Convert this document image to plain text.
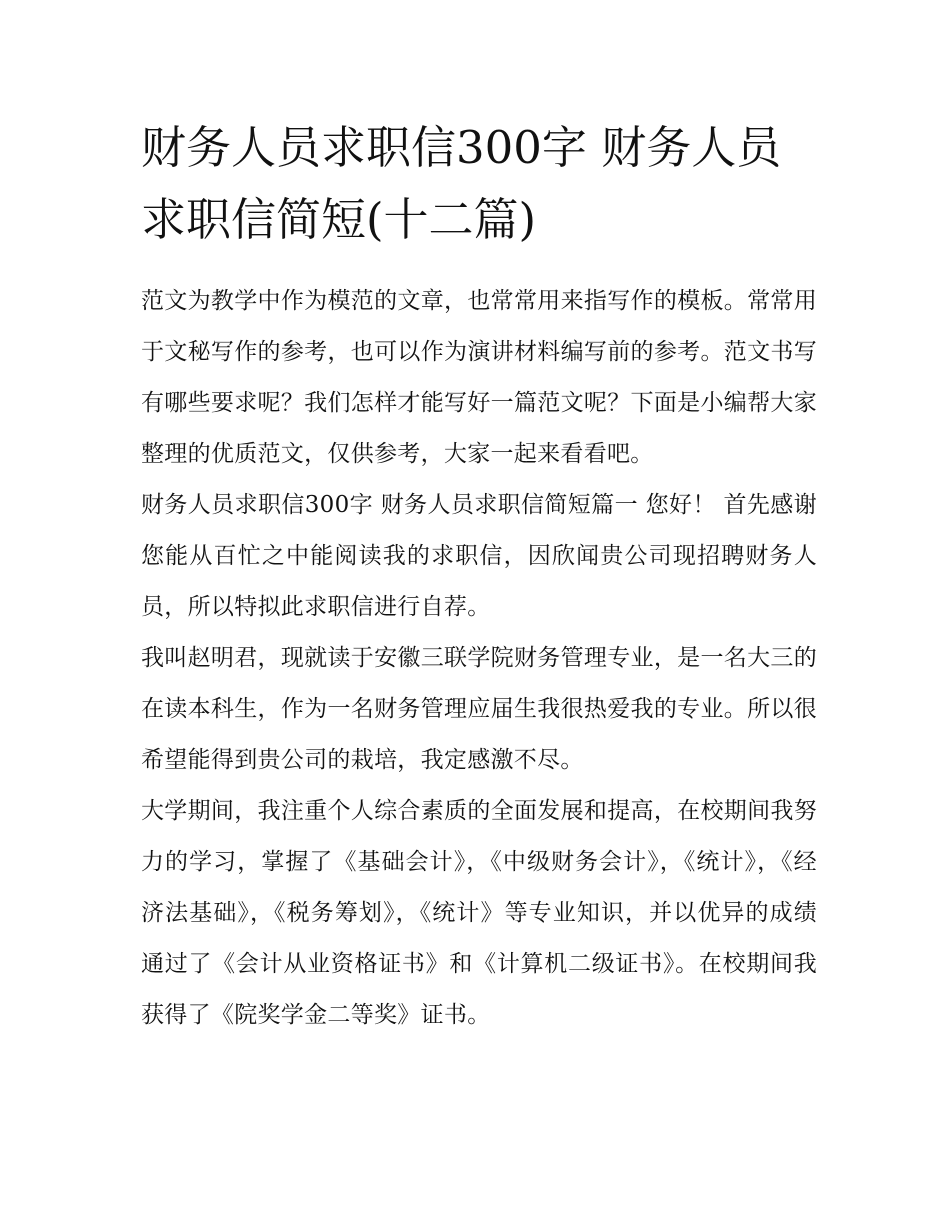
财务人员求职信300字 财务人员求职信简短(十二篇)

范文为教学中作为模范的文章，也常常用来指写作的模板。常常用于文秘写作的参考，也可以作为演讲材料编写前的参考。范文书写有哪些要求呢？我们怎样才能写好一篇范文呢？下面是小编帮大家整理的优质范文，仅供参考，大家一起来看看吧。

财务人员求职信300字 财务人员求职信简短篇一 您好！ 首先感谢您能从百忙之中能阅读我的求职信，因欣闻贵公司现招聘财务人员，所以特拟此求职信进行自荐。

我叫赵明君，现就读于安徽三联学院财务管理专业，是一名大三的在读本科生，作为一名财务管理应届生我很热爱我的专业。所以很希望能得到贵公司的栽培，我定感激不尽。

大学期间，我注重个人综合素质的全面发展和提高，在校期间我努力的学习，掌握了《基础会计》，《中级财务会计》，《统计》，《经济法基础》，《税务筹划》，《统计》等专业知识，并以优异的成绩通过了《会计从业资格证书》和《计算机二级证书》。在校期间我获得了《院奖学金二等奖》证书。
